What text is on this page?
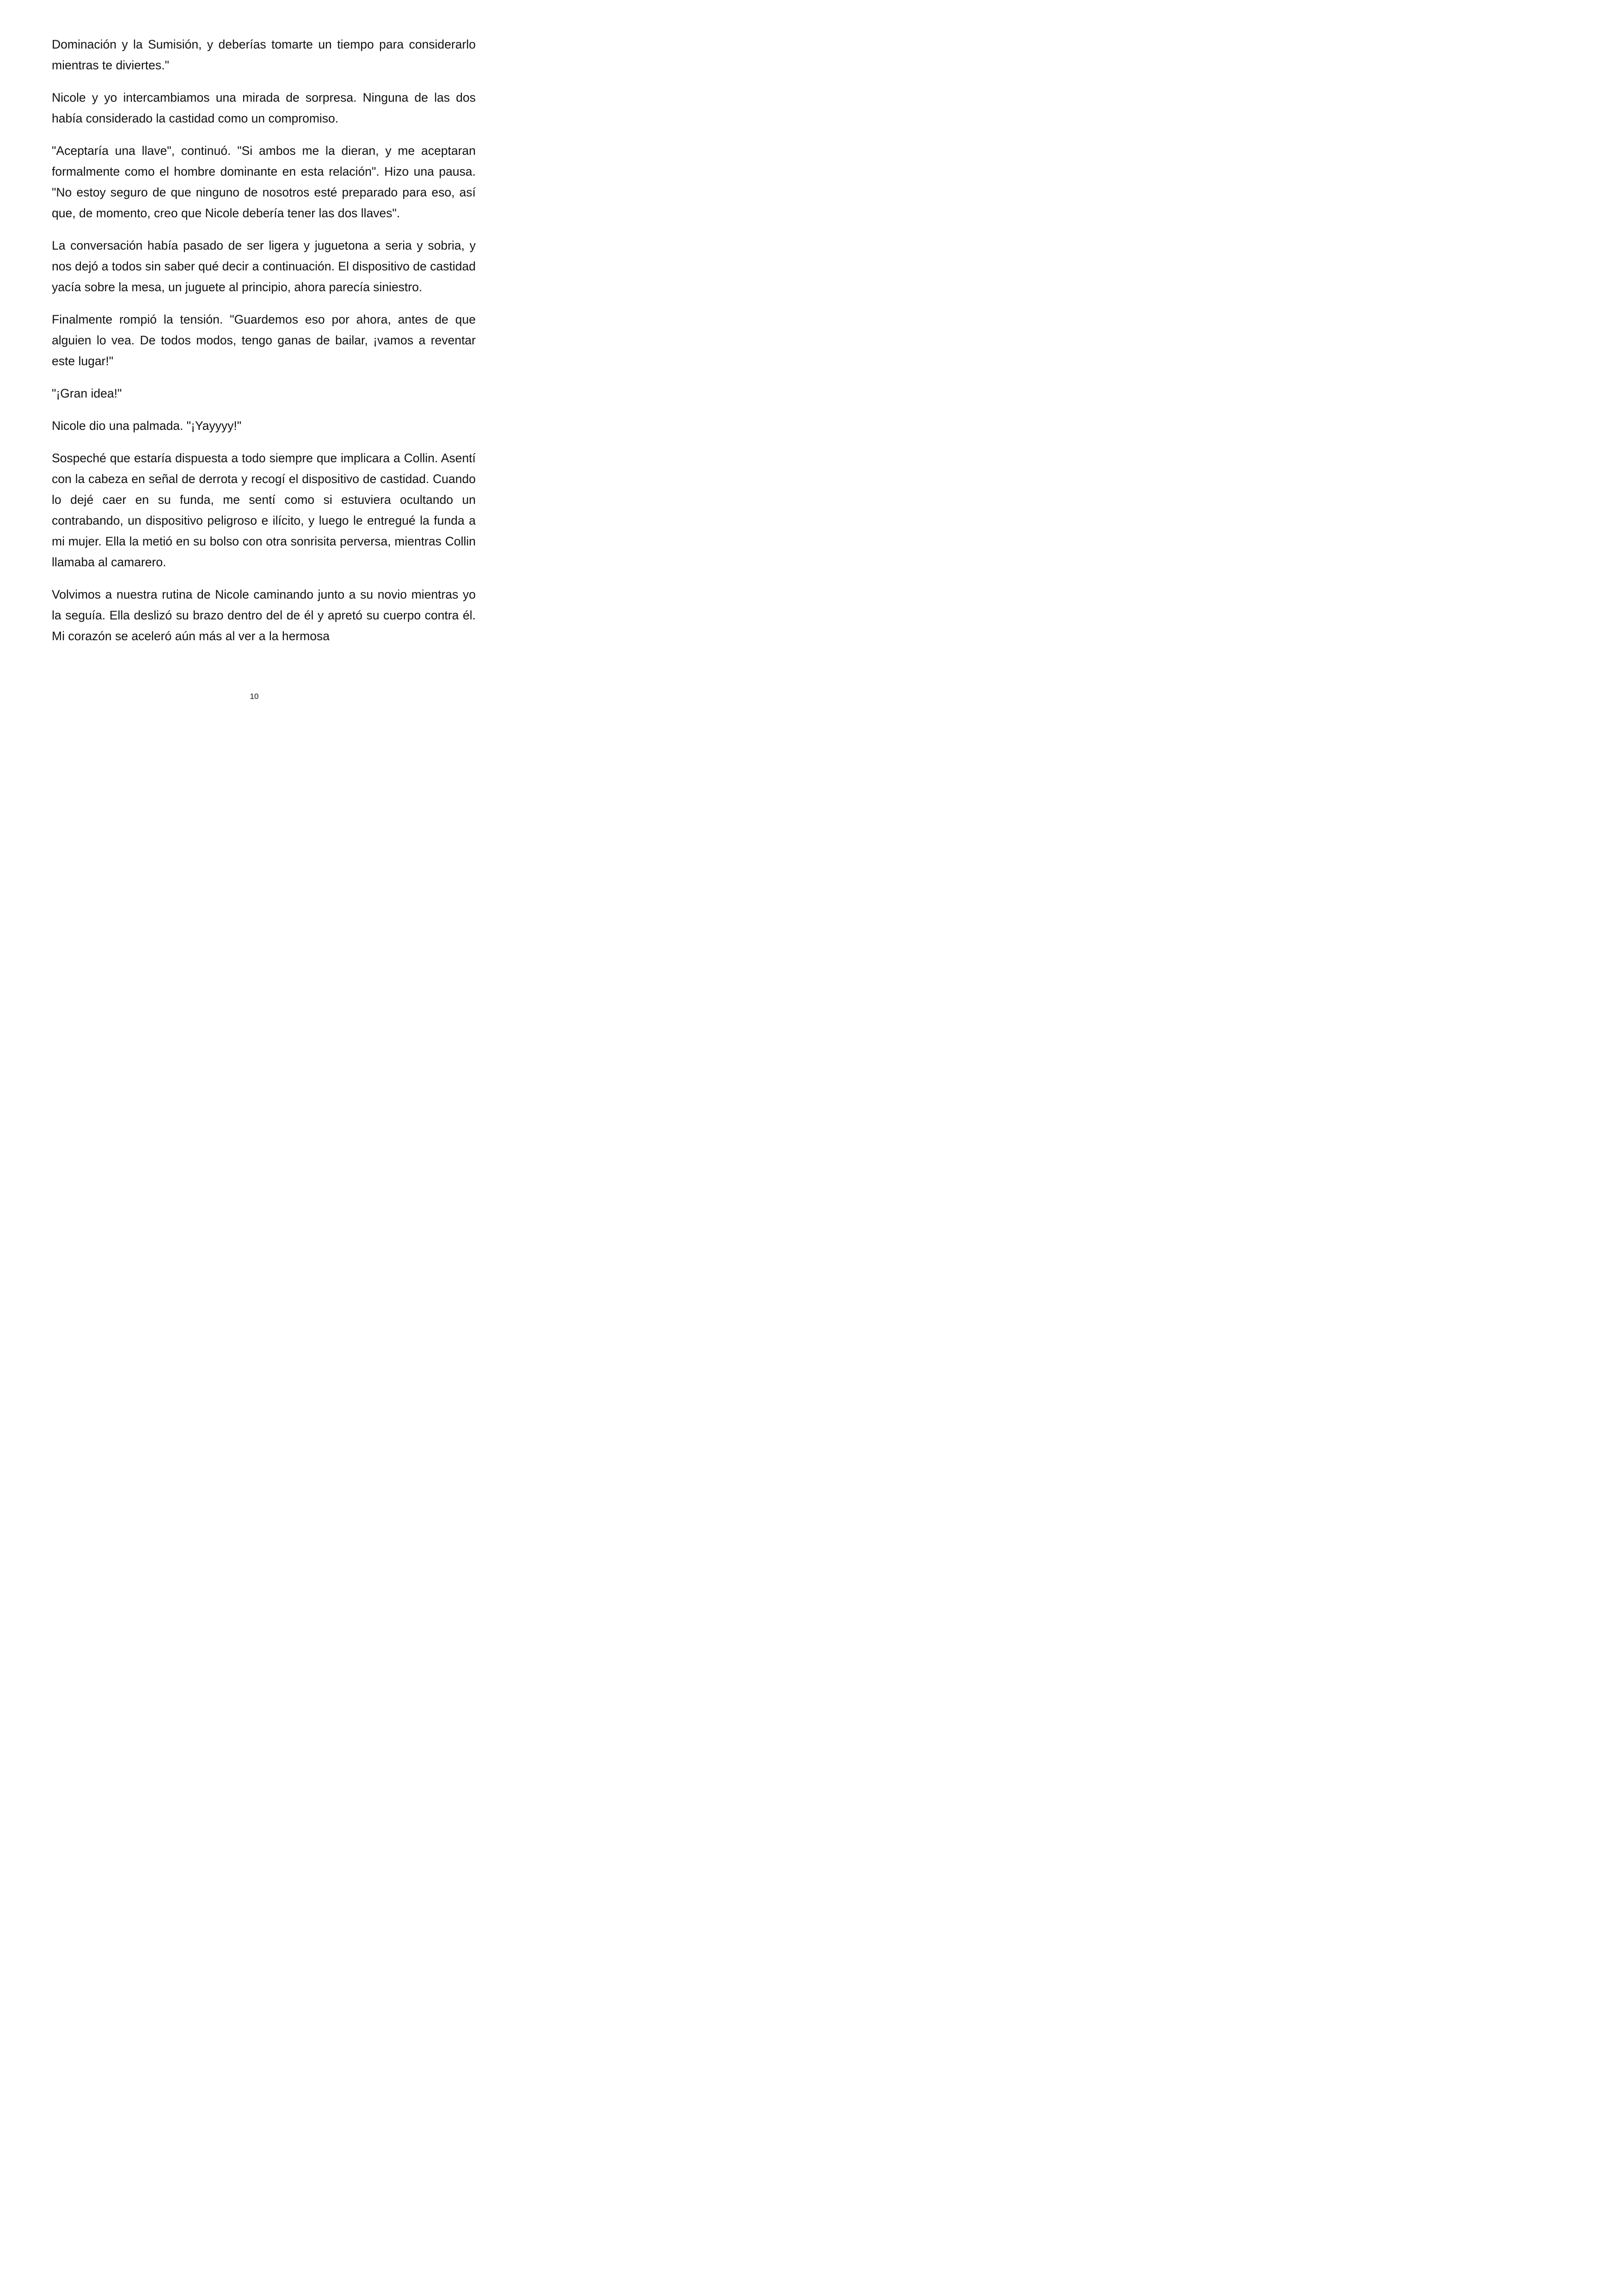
Dominación y la Sumisión, y deberías tomarte un tiempo para considerarlo mientras te diviertes."

Nicole y yo intercambiamos una mirada de sorpresa. Ninguna de las dos había considerado la castidad como un compromiso.

"Aceptaría una llave", continuó. "Si ambos me la dieran, y me aceptaran formalmente como el hombre dominante en esta relación". Hizo una pausa. "No estoy seguro de que ninguno de nosotros esté preparado para eso, así que, de momento, creo que Nicole debería tener las dos llaves".

La conversación había pasado de ser ligera y juguetona a seria y sobria, y nos dejó a todos sin saber qué decir a continuación. El dispositivo de castidad yacía sobre la mesa, un juguete al principio, ahora parecía siniestro.

Finalmente rompió la tensión. "Guardemos eso por ahora, antes de que alguien lo vea. De todos modos, tengo ganas de bailar, ¡vamos a reventar este lugar!"

"¡Gran idea!"

Nicole dio una palmada. "¡Yayyyy!"

Sospeché que estaría dispuesta a todo siempre que implicara a Collin. Asentí con la cabeza en señal de derrota y recogí el dispositivo de castidad. Cuando lo dejé caer en su funda, me sentí como si estuviera ocultando un contrabando, un dispositivo peligroso e ilícito, y luego le entregué la funda a mi mujer. Ella la metió en su bolso con otra sonrisita perversa, mientras Collin llamaba al camarero.

Volvimos a nuestra rutina de Nicole caminando junto a su novio mientras yo la seguía. Ella deslizó su brazo dentro del de él y apretó su cuerpo contra él. Mi corazón se aceleró aún más al ver a la hermosa

10
